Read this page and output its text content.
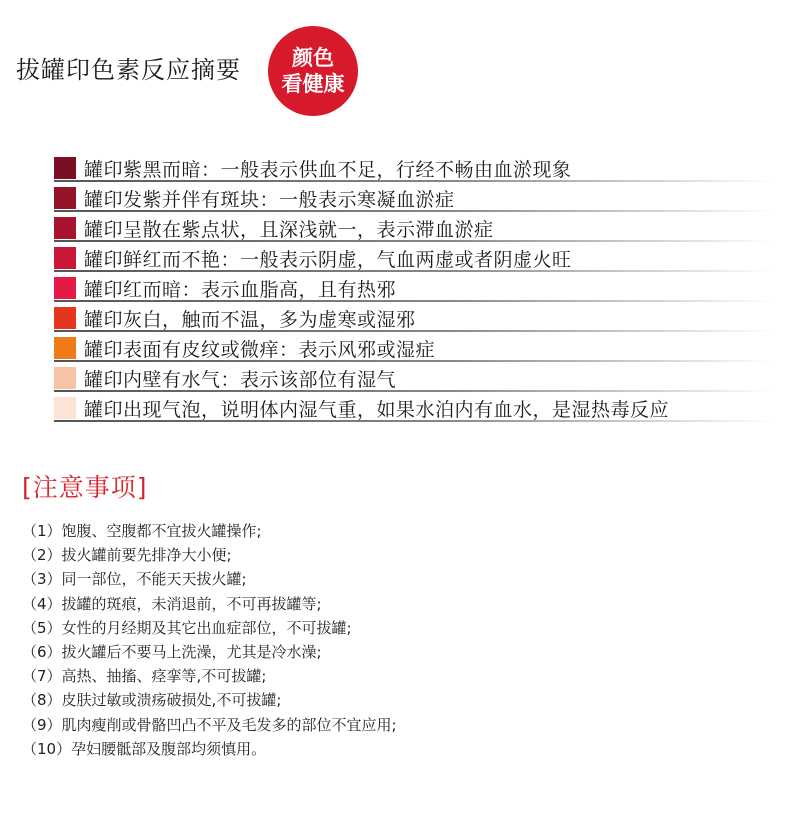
拔罐印色素反应摘要 颜色
看健康
罐印紫黑而暗：一般表示供血不足，行经不畅由血淤现象
罐印发紫并伴有斑块：一般表示寒凝血淤症
罐印呈散在紫点状，且深浅就一，表示滞血淤症
罐印鲜红而不艳：一般表示阴虚，气血两虚或者阴虚火旺
罐印红而暗：表示血脂高，且有热邪
罐印灰白，触而不温，多为虚寒或湿邪
罐印表面有皮纹或微痒：表示风邪或湿症
罐印内壁有水气：表示该部位有湿气
罐印出现气泡，说明体内湿气重，如果水泊内有血水，是湿热毒反应
[注意事项]
（1）饱腹、空腹都不宜拔火罐操作;
（2）拔火罐前要先排净大小便;
（3）同一部位，不能天天拔火罐;
（4）拔罐的斑痕，未消退前，不可再拔罐等;
（5）女性的月经期及其它出血症部位，不可拔罐;
（6）拔火罐后不要马上洗澡，尤其是冷水澡;
（7）高热、抽搐、痉挛等,不可拔罐;
（8）皮肤过敏或溃疡破损处,不可拔罐;
（9）肌肉瘦削或骨骼凹凸不平及毛发多的部位不宜应用;
（10）孕妇腰骶部及腹部均须慎用。
